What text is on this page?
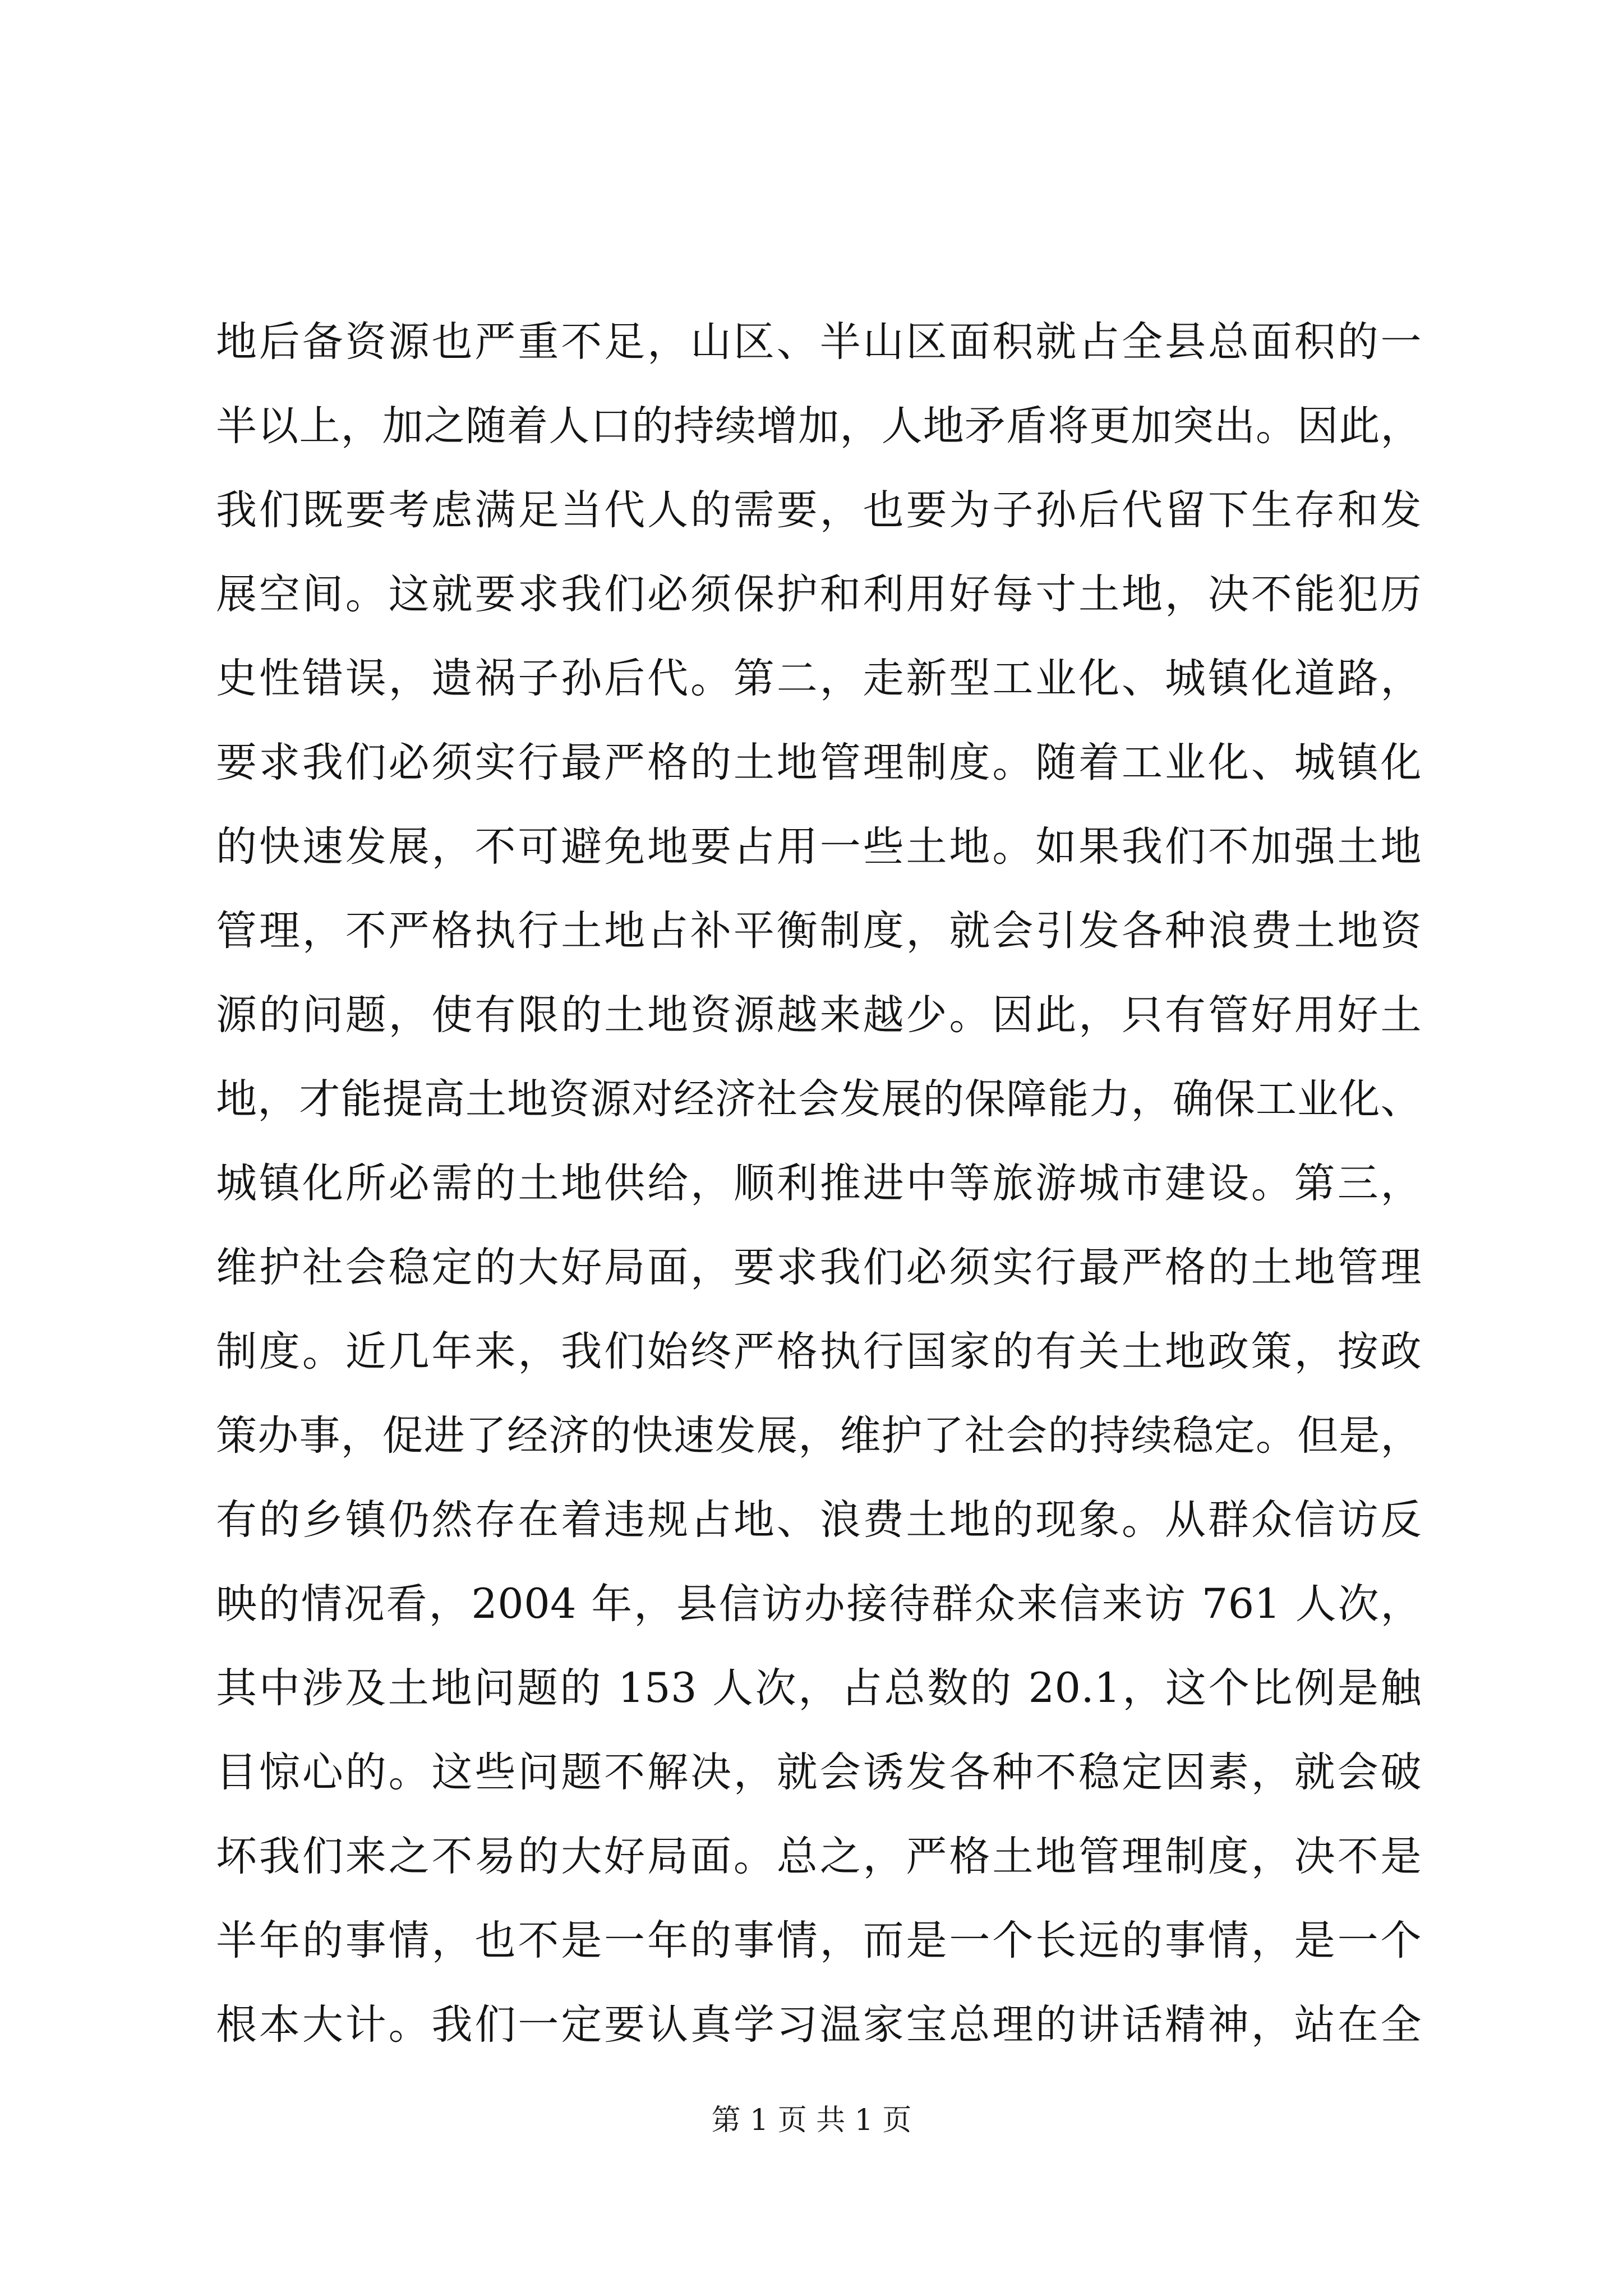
地后备资源也严重不足，山区、半山区面积就占全县总面积的一
半以上，加之随着人口的持续增加，人地矛盾将更加突出。因此，
我们既要考虑满足当代人的需要，也要为子孙后代留下生存和发
展空间。这就要求我们必须保护和利用好每寸土地，决不能犯历
史性错误，遗祸子孙后代。第二，走新型工业化、城镇化道路，
要求我们必须实行最严格的土地管理制度。随着工业化、城镇化
的快速发展，不可避免地要占用一些土地。如果我们不加强土地
管理，不严格执行土地占补平衡制度，就会引发各种浪费土地资
源的问题，使有限的土地资源越来越少。因此，只有管好用好土
地，才能提高土地资源对经济社会发展的保障能力，确保工业化、
城镇化所必需的土地供给，顺利推进中等旅游城市建设。第三，
维护社会稳定的大好局面，要求我们必须实行最严格的土地管理
制度。近几年来，我们始终严格执行国家的有关土地政策，按政
策办事，促进了经济的快速发展，维护了社会的持续稳定。但是，
有的乡镇仍然存在着违规占地、浪费土地的现象。从群众信访反
映的情况看，2004 年，县信访办接待群众来信来访 761 人次，
其中涉及土地问题的 153 人次，占总数的 20.1，这个比例是触
目惊心的。这些问题不解决，就会诱发各种不稳定因素，就会破
坏我们来之不易的大好局面。总之，严格土地管理制度，决不是
半年的事情，也不是一年的事情，而是一个长远的事情，是一个
根本大计。我们一定要认真学习温家宝总理的讲话精神，站在全
第 1 页 共 1 页
